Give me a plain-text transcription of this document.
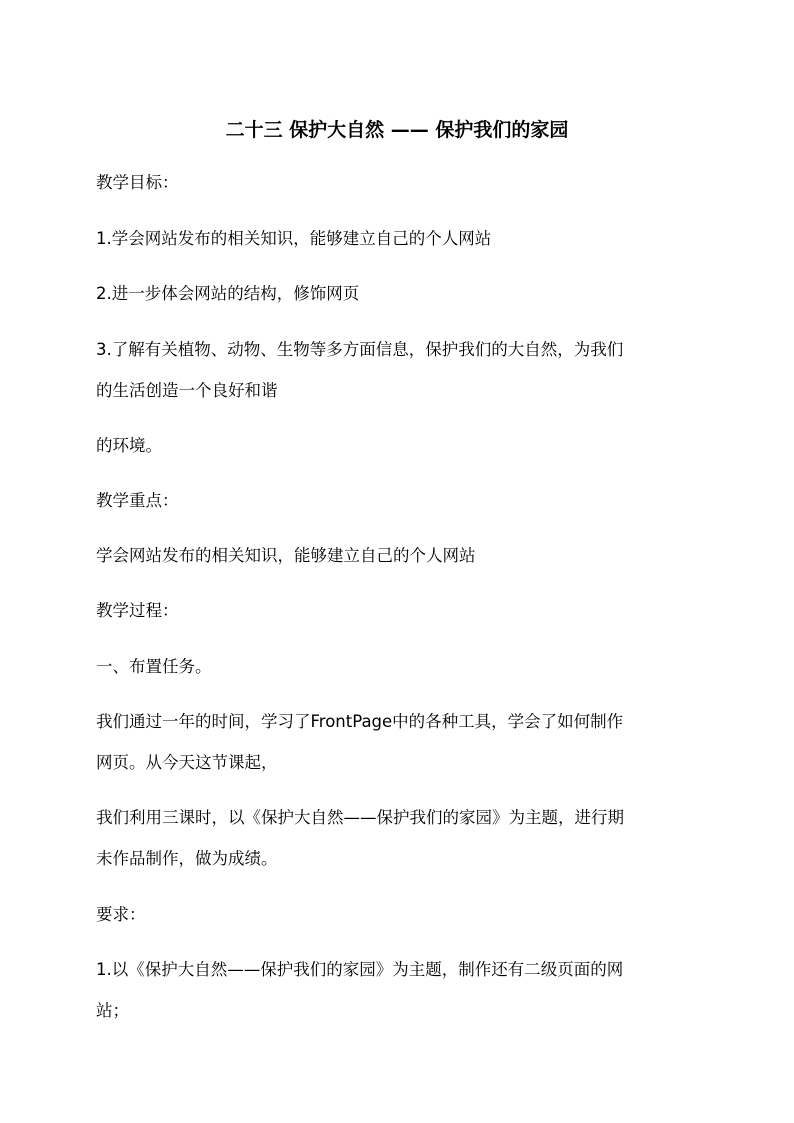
二十三 保护大自然 —— 保护我们的家园
教学目标：
1.学会网站发布的相关知识，能够建立自己的个人网站
2.进一步体会网站的结构，修饰网页
3.了解有关植物、动物、生物等多方面信息，保护我们的大自然，为我们
的生活创造一个良好和谐
的环境。
教学重点：
学会网站发布的相关知识，能够建立自己的个人网站
教学过程：
一、布置任务。
我们通过一年的时间，学习了FrontPage中的各种工具，学会了如何制作
网页。从今天这节课起，
我们利用三课时，以《保护大自然——保护我们的家园》为主题，进行期
未作品制作，做为成绩。
要求：
1.以《保护大自然——保护我们的家园》为主题，制作还有二级页面的网
站；
